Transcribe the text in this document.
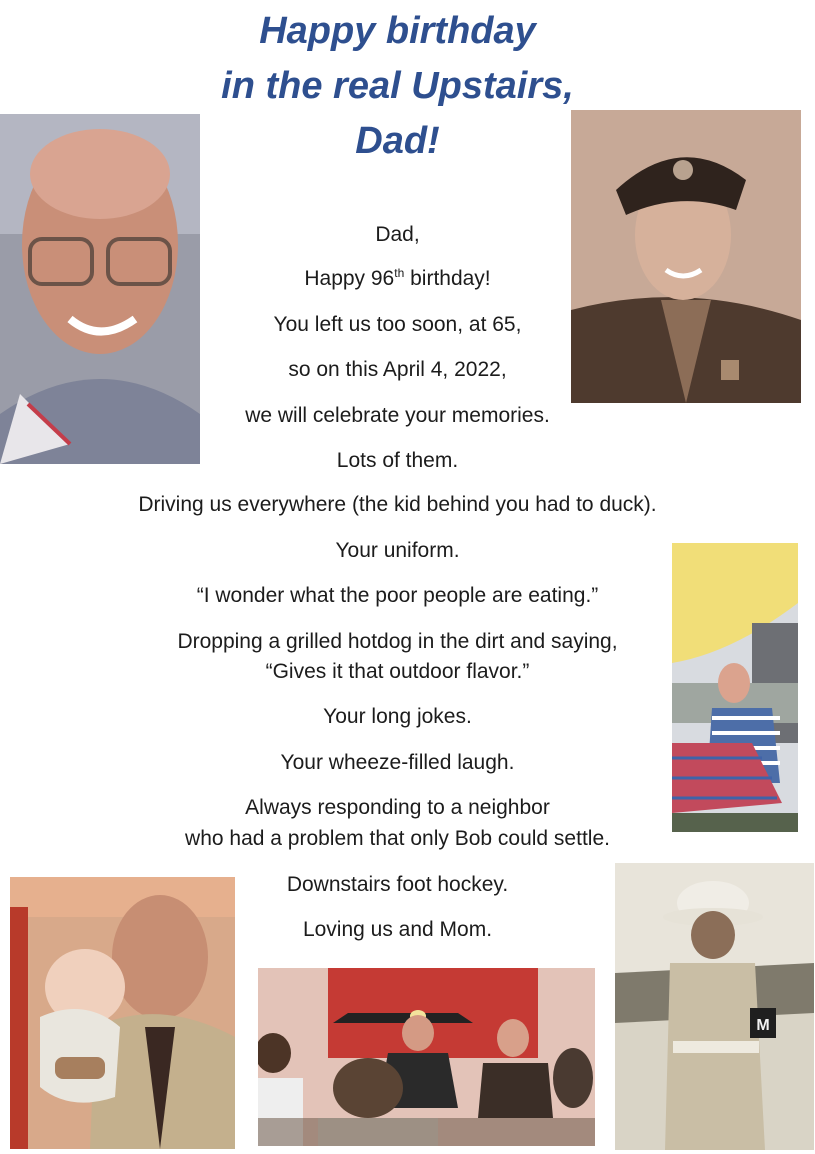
Happy birthday
in the real Upstairs,
Dad!
M

Dad,

Happy 96th birthday!

You left us too soon, at 65,

so on this April 4, 2022,

we will celebrate your memories.

Lots of them.

Driving us everywhere (the kid behind you had to duck).

Your uniform.

“I wonder what the poor people are eating.”

Dropping a grilled hotdog in the dirt and saying,

“Gives it that outdoor flavor.”

Your long jokes.

Your wheeze-filled laugh.

Always responding to a neighbor

who had a problem that only Bob could settle.

Downstairs foot hockey.

Loving us and Mom.
